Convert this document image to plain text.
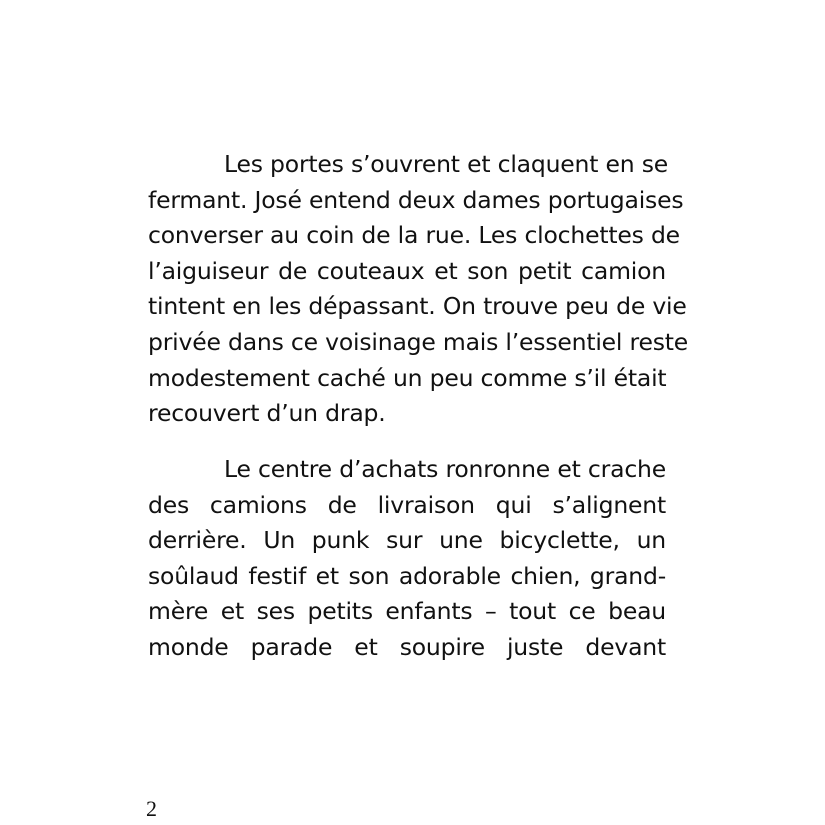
Les portes s’ouvrent et claquent en se
fermant. José entend deux dames portugaises
converser au coin de la rue. Les clochettes de
l’aiguiseur de couteaux et son petit camion
tintent en les dépassant. On trouve peu de vie
privée dans ce voisinage mais l’essentiel reste
modestement caché un peu comme s’il était
recouvert d’un drap.
Le centre d’achats ronronne et crache
des camions de livraison qui s’alignent
derrière. Un punk sur une bicyclette, un
soûlaud festif et son adorable chien, grand-
mère et ses petits enfants – tout ce beau
monde parade et soupire juste devant
2
